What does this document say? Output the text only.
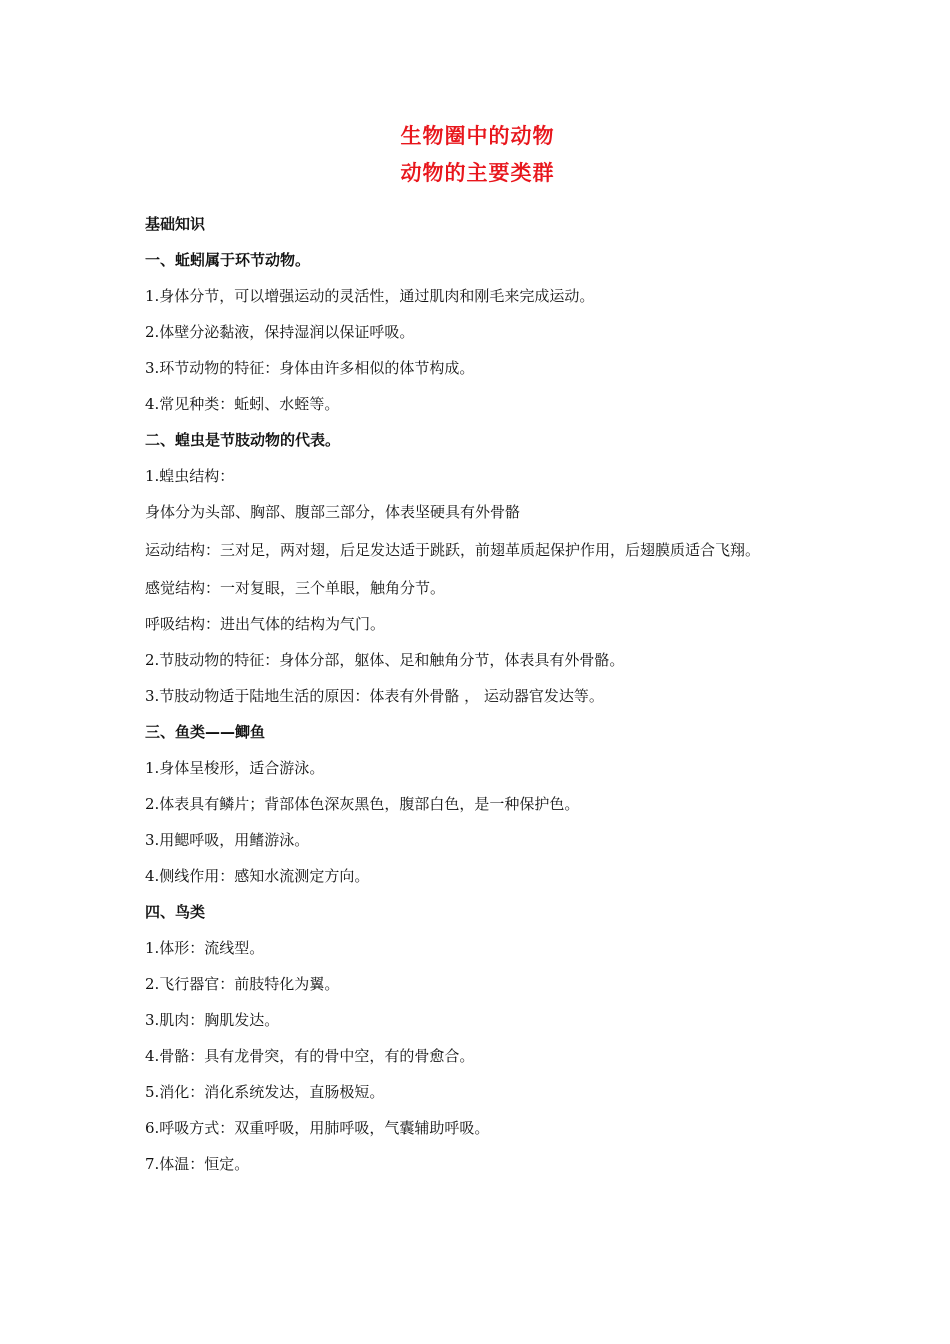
生物圈中的动物
动物的主要类群
基础知识
一、蚯蚓属于环节动物。
1.身体分节，可以增强运动的灵活性，通过肌肉和刚毛来完成运动。
2.体壁分泌黏液，保持湿润以保证呼吸。
3.环节动物的特征：身体由许多相似的体节构成。
4.常见种类：蚯蚓、水蛭等。
二、蝗虫是节肢动物的代表。
1.蝗虫结构：
身体分为头部、胸部、腹部三部分，体表坚硬具有外骨骼
运动结构：三对足，两对翅，后足发达适于跳跃，前翅革质起保护作用，后翅膜质适合飞翔。
感觉结构：一对复眼，三个单眼，触角分节。
呼吸结构：进出气体的结构为气门。
2.节肢动物的特征：身体分部，躯体、足和触角分节，体表具有外骨骼。
3.节肢动物适于陆地生活的原因：体表有外骨骼 ， 运动器官发达等。
三、鱼类——鲫鱼
1.身体呈梭形，适合游泳。
2.体表具有鳞片；背部体色深灰黑色，腹部白色，是一种保护色。
3.用鳃呼吸，用鳍游泳。
4.侧线作用：感知水流测定方向。
四、鸟类
1.体形：流线型。
2.飞行器官：前肢特化为翼。
3.肌肉：胸肌发达。
4.骨骼：具有龙骨突，有的骨中空，有的骨愈合。
5.消化：消化系统发达，直肠极短。
6.呼吸方式：双重呼吸，用肺呼吸，气囊辅助呼吸。
7.体温：恒定。
